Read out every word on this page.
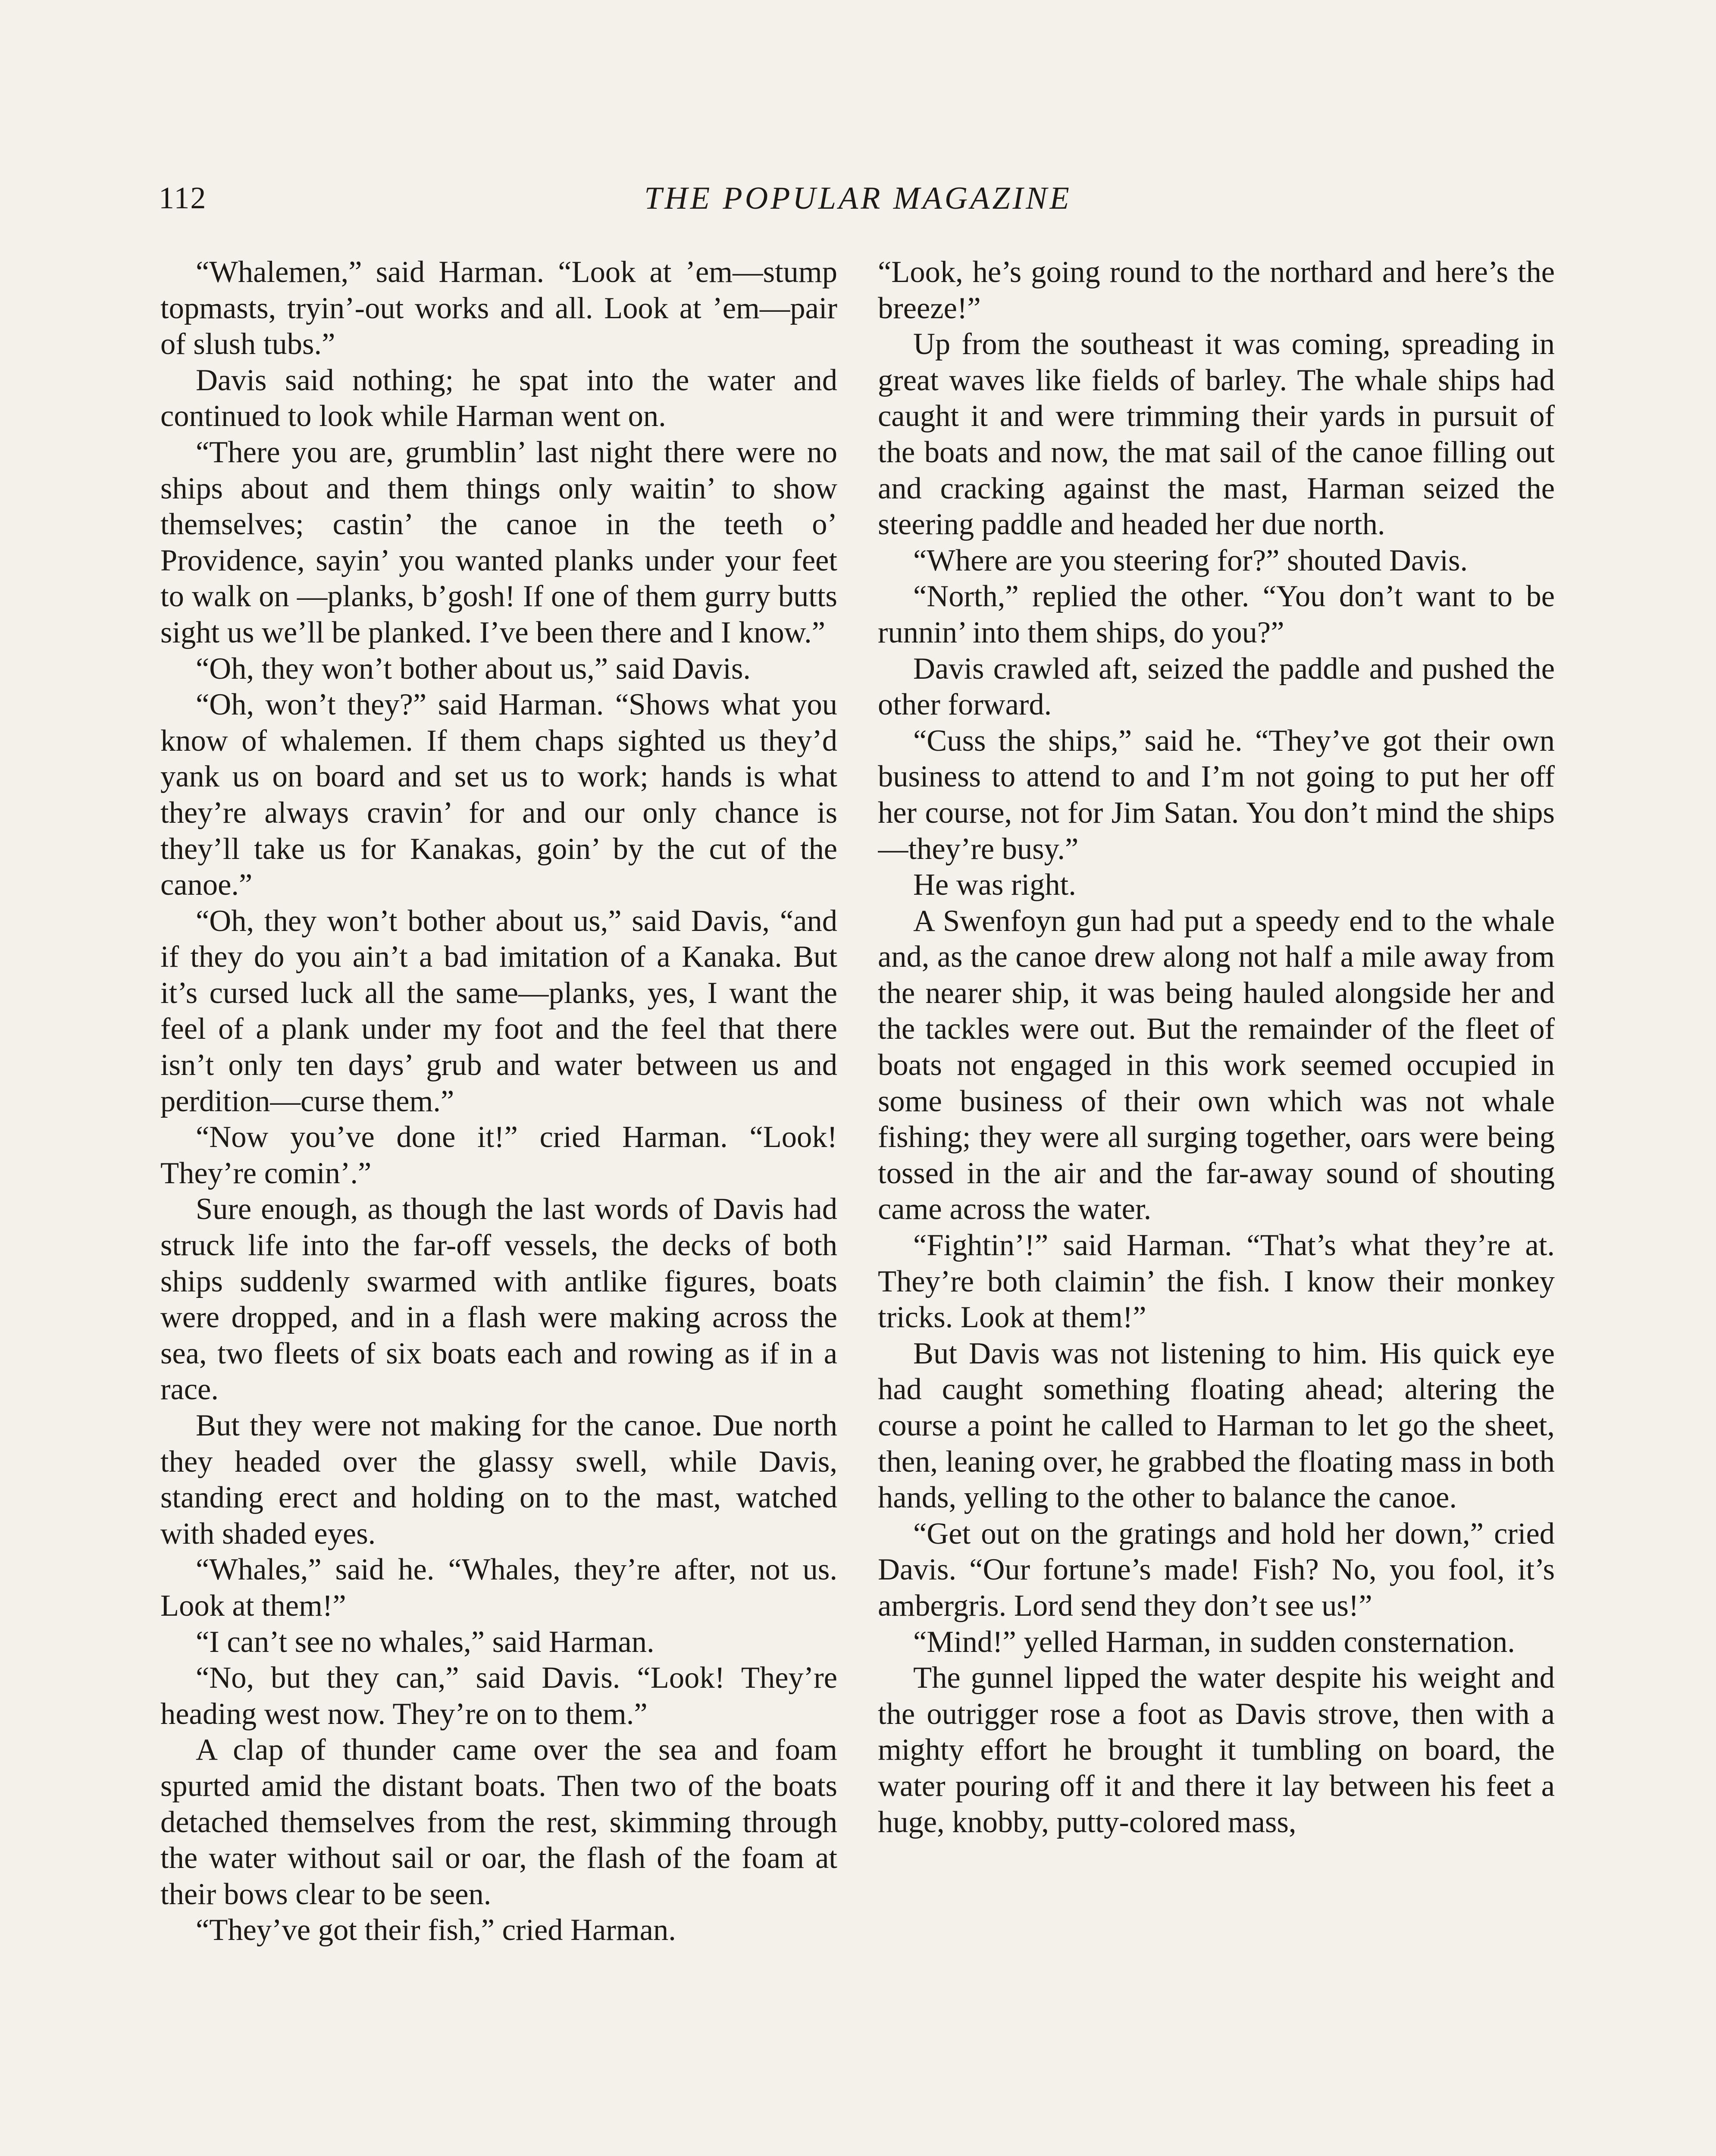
112	THE POPULAR MAGAZINE

“Whalemen,” said Harman. “Look at ’em—stump topmasts, tryin’-out works and all. Look at ’em—pair of slush tubs.”

Davis said nothing; he spat into the water and continued to look while Harman went on.

“There you are, grumblin’ last night there were no ships about and them things only waitin’ to show themselves; castin’ the canoe in the teeth o’ Providence, sayin’ you wanted planks under your feet to walk on —planks, b’gosh! If one of them gurry butts sight us we’ll be planked. I’ve been there and I know.”

“Oh, they won’t bother about us,” said Davis.

“Oh, won’t they?” said Harman. “Shows what you know of whalemen. If them chaps sighted us they’d yank us on board and set us to work; hands is what they’re always cravin’ for and our only chance is they’ll take us for Kanakas, goin’ by the cut of the canoe.”

“Oh, they won’t bother about us,” said Davis, “and if they do you ain’t a bad imitation of a Kanaka. But it’s cursed luck all the same—planks, yes, I want the feel of a plank under my foot and the feel that there isn’t only ten days’ grub and water between us and perdition—curse them.”

“Now you’ve done it!” cried Harman. “Look! They’re comin’.”

Sure enough, as though the last words of Davis had struck life into the far-off vessels, the decks of both ships suddenly swarmed with antlike figures, boats were dropped, and in a flash were making across the sea, two fleets of six boats each and rowing as if in a race.

But they were not making for the canoe. Due north they headed over the glassy swell, while Davis, standing erect and holding on to the mast, watched with shaded eyes.

“Whales,” said he. “Whales, they’re after, not us. Look at them!”

“I can’t see no whales,” said Harman.

“No, but they can,” said Davis. “Look! They’re heading west now. They’re on to them.”

A clap of thunder came over the sea and foam spurted amid the distant boats. Then two of the boats detached themselves from the rest, skimming through the water without sail or oar, the flash of the foam at their bows clear to be seen.

“They’ve got their fish,” cried Harman.

“Look, he’s going round to the northard and here’s the breeze!”

Up from the southeast it was coming, spreading in great waves like fields of barley. The whale ships had caught it and were trimming their yards in pursuit of the boats and now, the mat sail of the canoe filling out and cracking against the mast, Harman seized the steering paddle and headed her due north.

“Where are you steering for?” shouted Davis.

“North,” replied the other. “You don’t want to be runnin’ into them ships, do you?”

Davis crawled aft, seized the paddle and pushed the other forward.

“Cuss the ships,” said he. “They’ve got their own business to attend to and I’m not going to put her off her course, not for Jim Satan. You don’t mind the ships—they’re busy.”

He was right.

A Swenfoyn gun had put a speedy end to the whale and, as the canoe drew along not half a mile away from the nearer ship, it was being hauled alongside her and the tackles were out. But the remainder of the fleet of boats not engaged in this work seemed occupied in some business of their own which was not whale fishing; they were all surging together, oars were being tossed in the air and the far-away sound of shouting came across the water.

“Fightin’!” said Harman. “That’s what they’re at. They’re both claimin’ the fish. I know their monkey tricks. Look at them!”

But Davis was not listening to him. His quick eye had caught something floating ahead; altering the course a point he called to Harman to let go the sheet, then, leaning over, he grabbed the floating mass in both hands, yelling to the other to balance the canoe.

“Get out on the gratings and hold her down,” cried Davis. “Our fortune’s made! Fish? No, you fool, it’s ambergris. Lord send they don’t see us!”

“Mind!” yelled Harman, in sudden consternation.

The gunnel lipped the water despite his weight and the outrigger rose a foot as Davis strove, then with a mighty effort he brought it tumbling on board, the water pouring off it and there it lay between his feet a huge, knobby, putty-colored mass,
